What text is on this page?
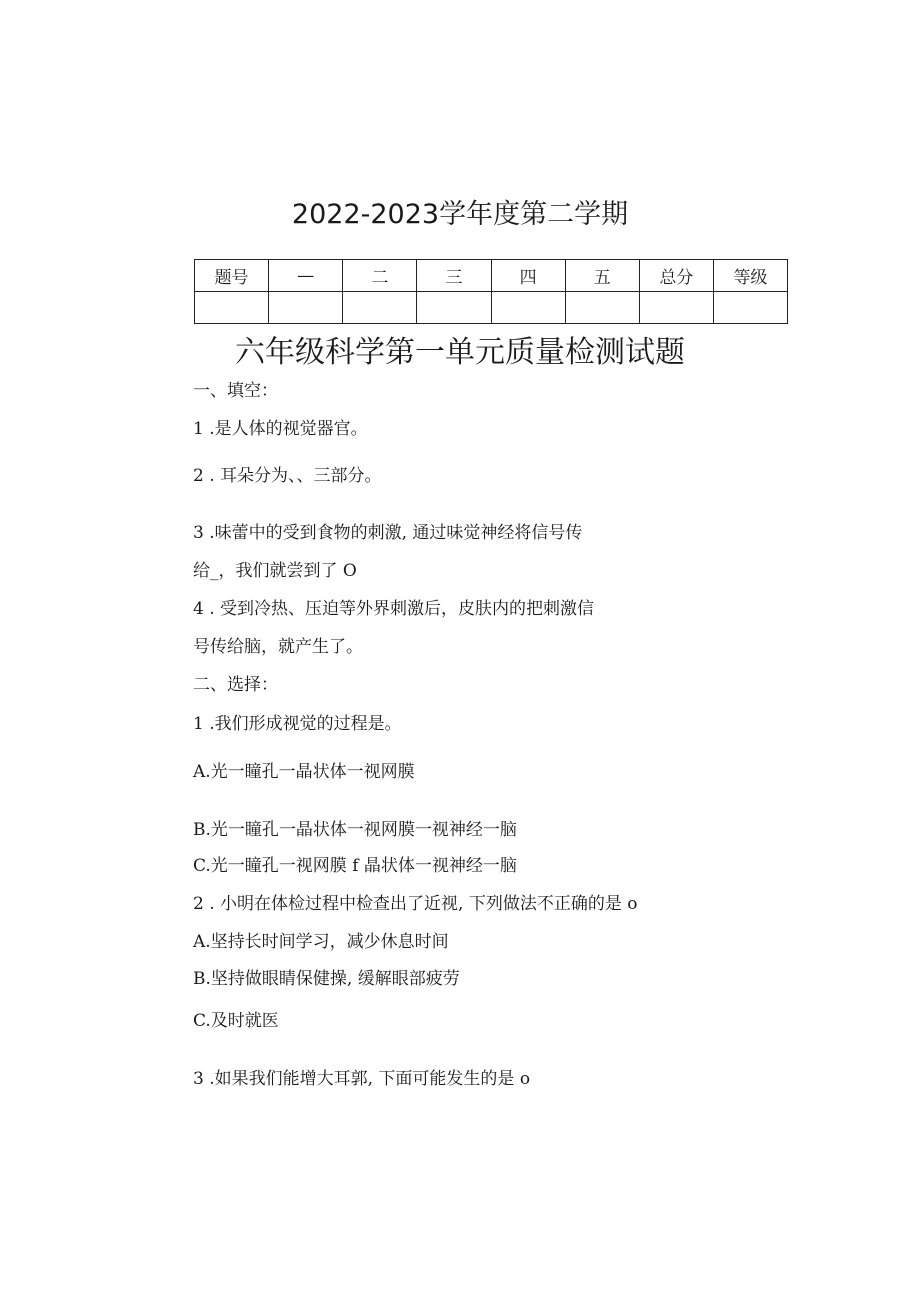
2022-2023学年度第二学期
题号	—	二	三	四	五	总分	等级

六年级科学第一单元质量检测试题
一、填空：
1 .是人体的视觉器官。
2 . 耳朵分为、、三部分。
3 .味蕾中的受到食物的刺激, 通过味觉神经将信号传
给_，我们就尝到了 O
4 . 受到冷热、压迫等外界刺激后，皮肤内的把刺激信
号传给脑，就产生了。
二、选择：
1 .我们形成视觉的过程是。
A.光一瞳孔一晶状体一视网膜
B.光一瞳孔一晶状体一视网膜一视神经一脑
C.光一瞳孔一视网膜 f 晶状体一视神经一脑
2 . 小明在体检过程中检查出了近视, 下列做法不正确的是 o
A.坚持长时间学习，减少休息时间
B.坚持做眼睛保健操, 缓解眼部疲劳
C.及时就医
3 .如果我们能增大耳郭, 下面可能发生的是 o
